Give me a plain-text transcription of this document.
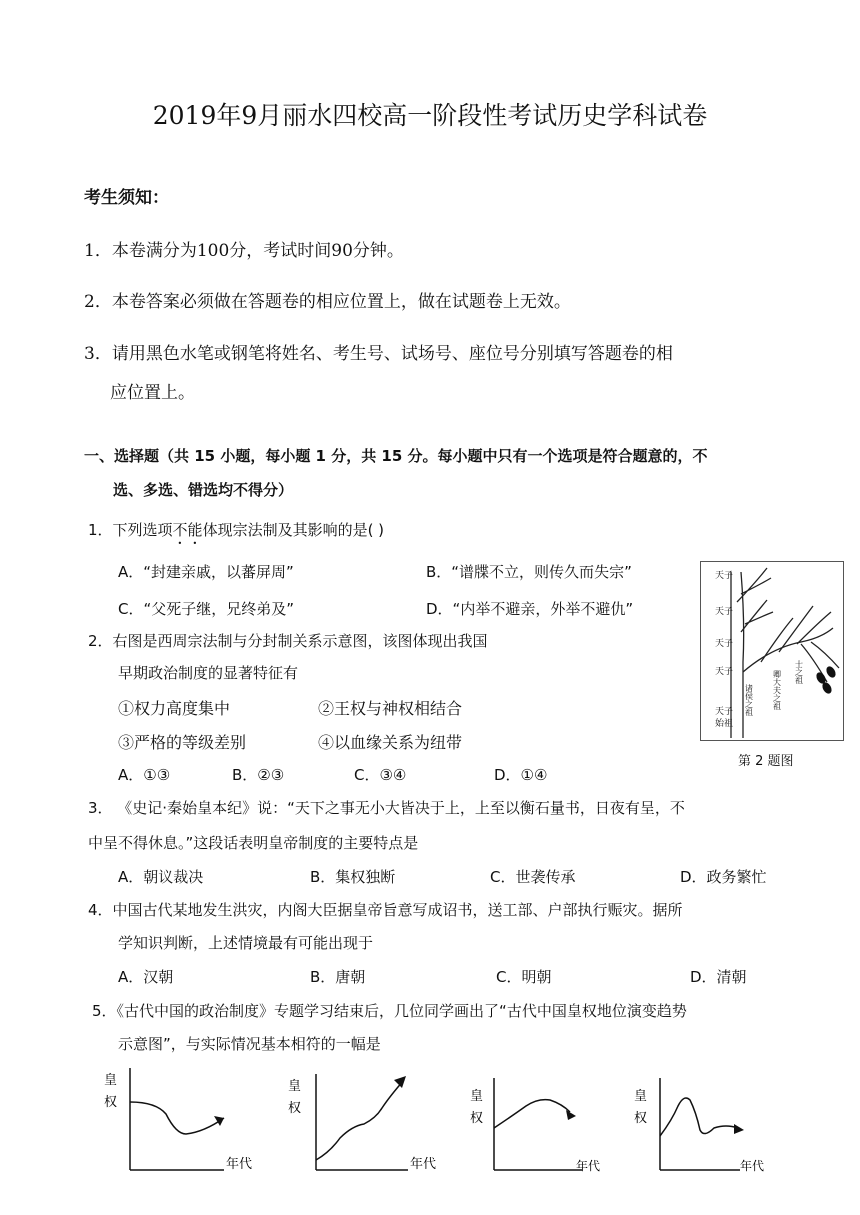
2019年9月丽水四校高一阶段性考试历史学科试卷
考生须知：
1．本卷满分为100分，考试时间90分钟。
2．本卷答案必须做在答题卷的相应位置上，做在试题卷上无效。
3．请用黑色水笔或钢笔将姓名、考生号、试场号、座位号分别填写答题卷的相
应位置上。
一、选择题（共 15 小题，每小题 1 分，共 15 分。每小题中只有一个选项是符合题意的，不
选、多选、错选均不得分）
1．下列选项不能体现宗法制及其影响的是( )
A．“封建亲戚，以蕃屏周”	B．“谱牒不立，则传久而失宗”
C．“父死子继，兄终弟及”	D．“内举不避亲，外举不避仇”
2．右图是西周宗法制与分封制关系示意图，该图体现出我国
早期政治制度的显著特征有
①权力高度集中	②王权与神权相结合
③严格的等级差别	④以血缘关系为纽带
A．①③	B．②③	C．③④	D．①④
天子
天子
天子
天子
天子
始祖
诸侯之祖 卿大夫之祖 士之祖
第 2 题图
3． 《史记·秦始皇本纪》说：“天下之事无小大皆决于上，上至以衡石量书，日夜有呈，不
中呈不得休息。”这段话表明皇帝制度的主要特点是
A．朝议裁决	B．集权独断	C．世袭传承	D．政务繁忙
4．中国古代某地发生洪灾，内阁大臣据皇帝旨意写成诏书，送工部、户部执行赈灾。据所
学知识判断，上述情境最有可能出现于
A．汉朝	B．唐朝	C．明朝	D．清朝
5．《古代中国的政治制度》专题学习结束后，几位同学画出了“古代中国皇权地位演变趋势
示意图”，与实际情况基本相符的一幅是
皇
权
年代
皇
权
年代
皇
权
年代
皇
权
年代
